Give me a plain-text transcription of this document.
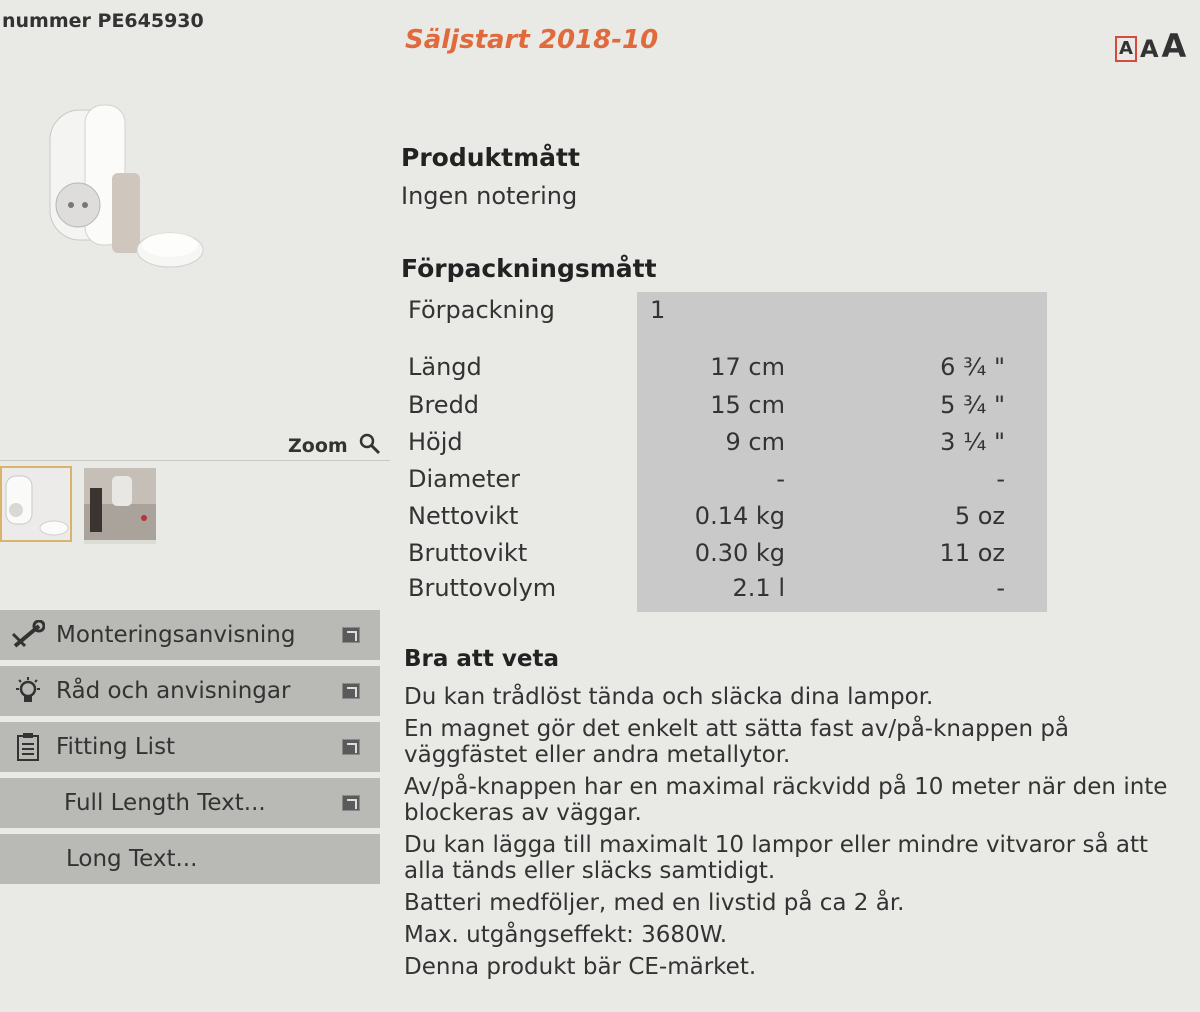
nummer PE645930
Zoom
Monteringsanvisning
Råd och anvisningar
Fitting List
Full Length Text...
Long Text...
Säljstart 2018-10	A A A
Produktmått
Ingen notering
Förpackningsmått
Förpackning	1
Längd	17 cm	6 ¾ "
Bredd	15 cm	5 ¾ "
Höjd	9 cm	3 ¼ "
Diameter	-	-
Nettovikt	0.14 kg	5 oz
Bruttovikt	0.30 kg	11 oz
Bruttovolym	2.1 l	-
Bra att veta
Du kan trådlöst tända och släcka dina lampor.
En magnet gör det enkelt att sätta fast av/på-knappen på väggfästet eller andra metallytor.
Av/på-knappen har en maximal räckvidd på 10 meter när den inte blockeras av väggar.
Du kan lägga till maximalt 10 lampor eller mindre vitvaror så att alla tänds eller släcks samtidigt.
Batteri medföljer, med en livstid på ca 2 år.
Max. utgångseffekt: 3680W.
Denna produkt bär CE-märket.
